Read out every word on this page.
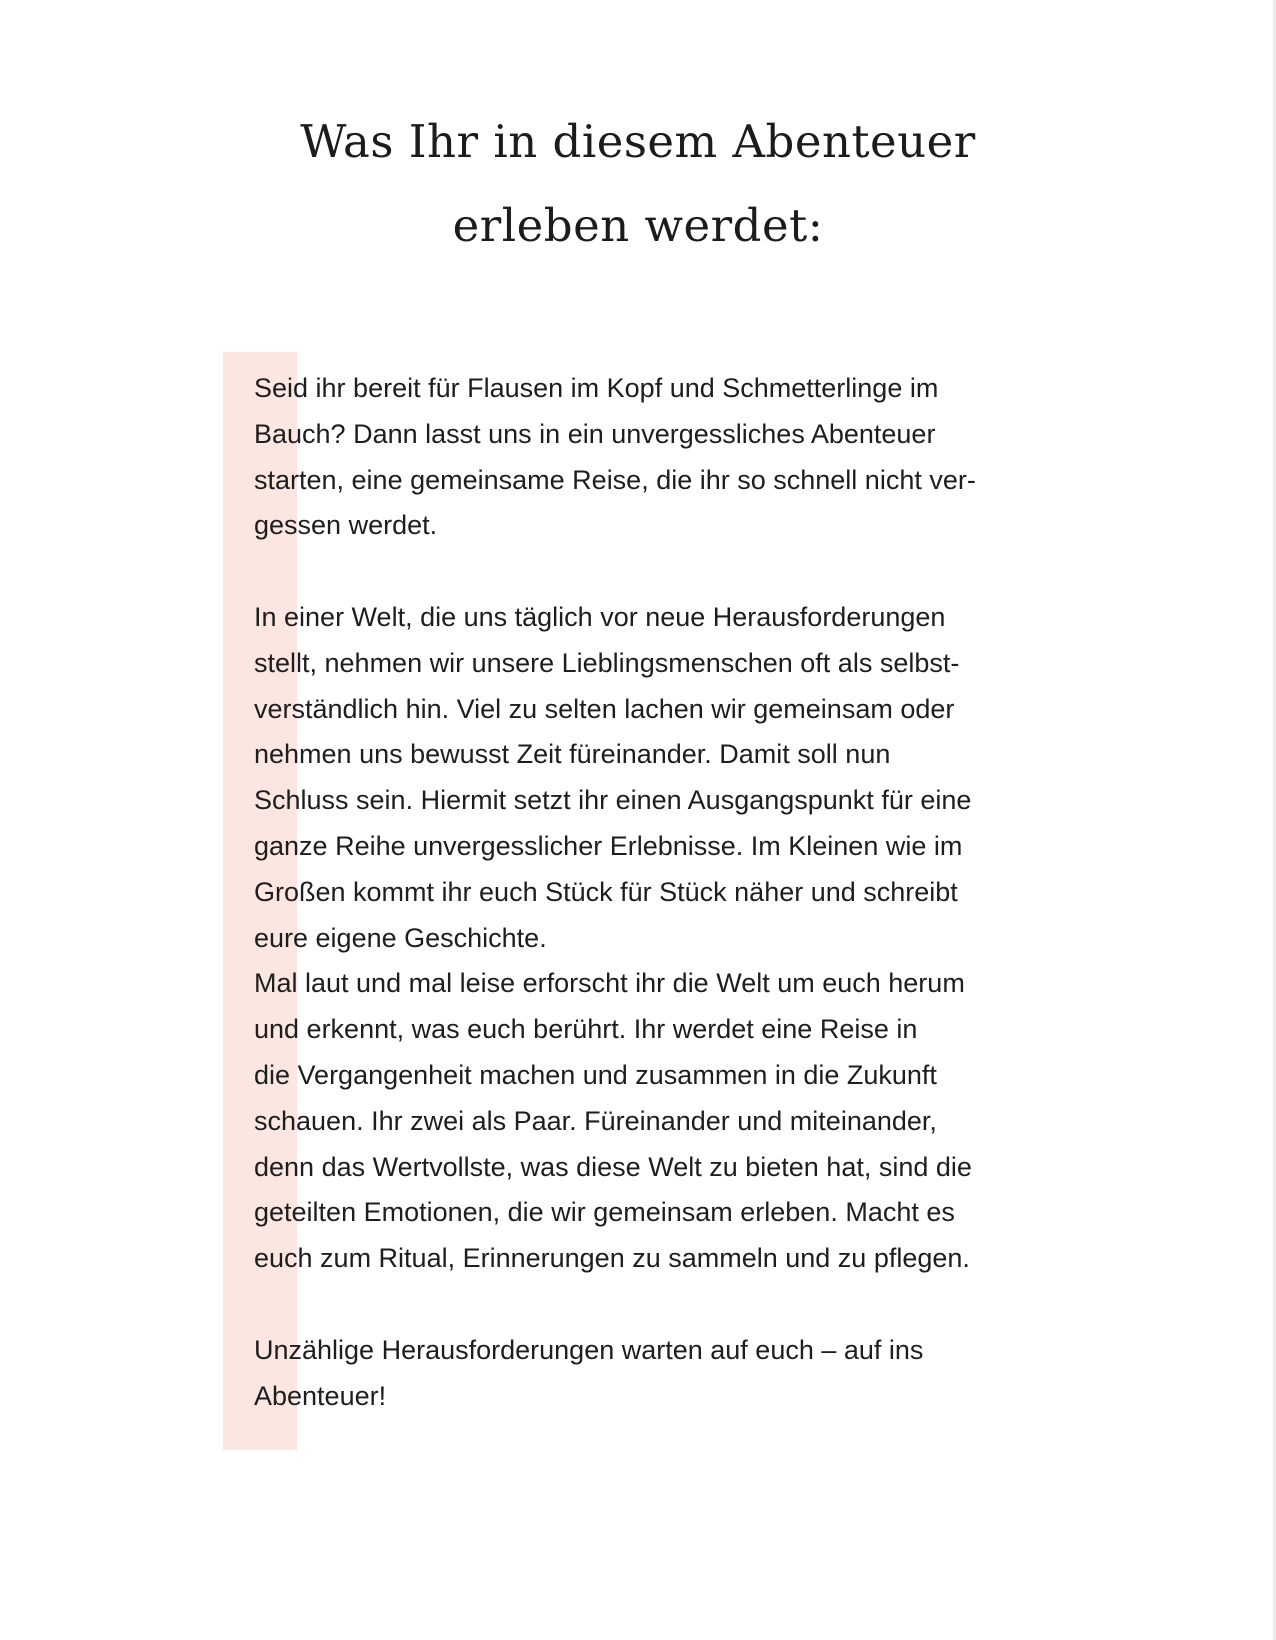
Was Ihr in diesem Abenteuer
erleben werdet:

Seid ihr bereit für Flausen im Kopf und Schmetterlinge im
Bauch? Dann lasst uns in ein unvergessliches Abenteuer
starten, eine gemeinsame Reise, die ihr so schnell nicht ver-
gessen werdet.

In einer Welt, die uns täglich vor neue Herausforderungen
stellt, nehmen wir unsere Lieblingsmenschen oft als selbst-
verständlich hin. Viel zu selten lachen wir gemeinsam oder
nehmen uns bewusst Zeit füreinander. Damit soll nun
Schluss sein. Hiermit setzt ihr einen Ausgangspunkt für eine
ganze Reihe unvergesslicher Erlebnisse. Im Kleinen wie im
Großen kommt ihr euch Stück für Stück näher und schreibt
eure eigene Geschichte.

Mal laut und mal leise erforscht ihr die Welt um euch herum
und erkennt, was euch berührt. Ihr werdet eine Reise in
die Vergangenheit machen und zusammen in die Zukunft
schauen. Ihr zwei als Paar. Füreinander und miteinander,
denn das Wertvollste, was diese Welt zu bieten hat, sind die
geteilten Emotionen, die wir gemeinsam erleben. Macht es
euch zum Ritual, Erinnerungen zu sammeln und zu pflegen.

Unzählige Herausforderungen warten auf euch – auf ins
Abenteuer!
